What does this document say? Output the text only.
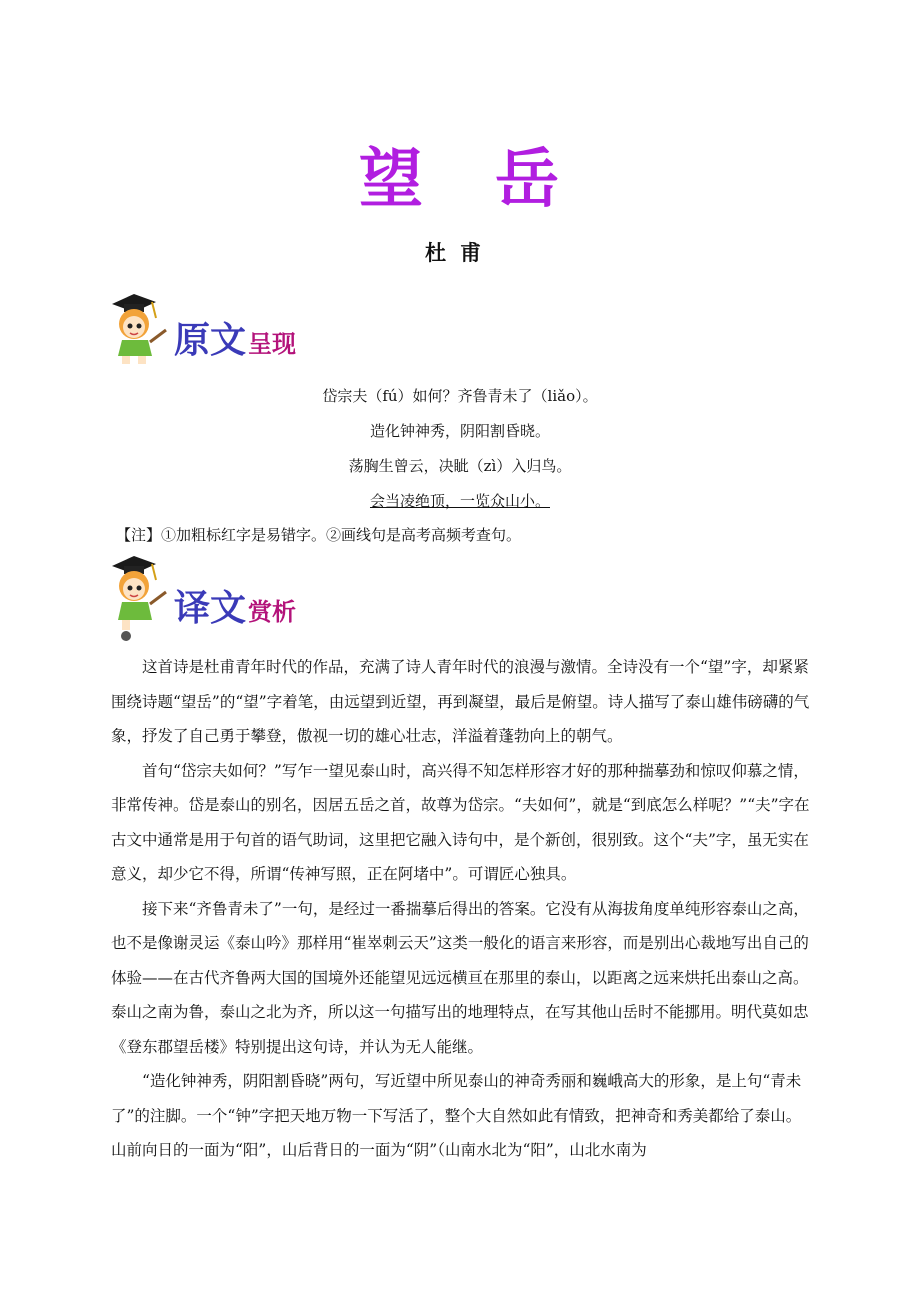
望 岳
杜甫
原文呈现
岱宗夫（fú）如何？齐鲁青未了（liǎo）。
造化钟神秀，阴阳割昏晓。
荡胸生曾云，决眦（zì）入归鸟。
会当凌绝顶，一览众山小。
【注】①加粗标红字是易错字。②画线句是高考高频考查句。
译文赏析

这首诗是杜甫青年时代的作品，充满了诗人青年时代的浪漫与激情。全诗没有一个“望”字，却紧紧围绕诗题“望岳”的“望”字着笔，由远望到近望，再到凝望，最后是俯望。诗人描写了泰山雄伟磅礴的气象，抒发了自己勇于攀登，傲视一切的雄心壮志，洋溢着蓬勃向上的朝气。

首句“岱宗夫如何？”写乍一望见泰山时，高兴得不知怎样形容才好的那种揣摹劲和惊叹仰慕之情，非常传神。岱是泰山的别名，因居五岳之首，故尊为岱宗。“夫如何”，就是“到底怎么样呢？”“夫”字在古文中通常是用于句首的语气助词，这里把它融入诗句中，是个新创，很别致。这个“夫”字，虽无实在意义，却少它不得，所谓“传神写照，正在阿堵中”。可谓匠心独具。

接下来“齐鲁青未了”一句，是经过一番揣摹后得出的答案。它没有从海拔角度单纯形容泰山之高，也不是像谢灵运《泰山吟》那样用“崔崒刺云天”这类一般化的语言来形容，而是别出心裁地写出自己的体验——在古代齐鲁两大国的国境外还能望见远远横亘在那里的泰山，以距离之远来烘托出泰山之高。泰山之南为鲁，泰山之北为齐，所以这一句描写出的地理特点，在写其他山岳时不能挪用。明代莫如忠《登东郡望岳楼》特别提出这句诗，并认为无人能继。

“造化钟神秀，阴阳割昏晓”两句，写近望中所见泰山的神奇秀丽和巍峨高大的形象，是上句“青未了”的注脚。一个“钟”字把天地万物一下写活了，整个大自然如此有情致，把神奇和秀美都给了泰山。山前向日的一面为“阳”，山后背日的一面为“阴”（山南水北为“阳”，山北水南为
